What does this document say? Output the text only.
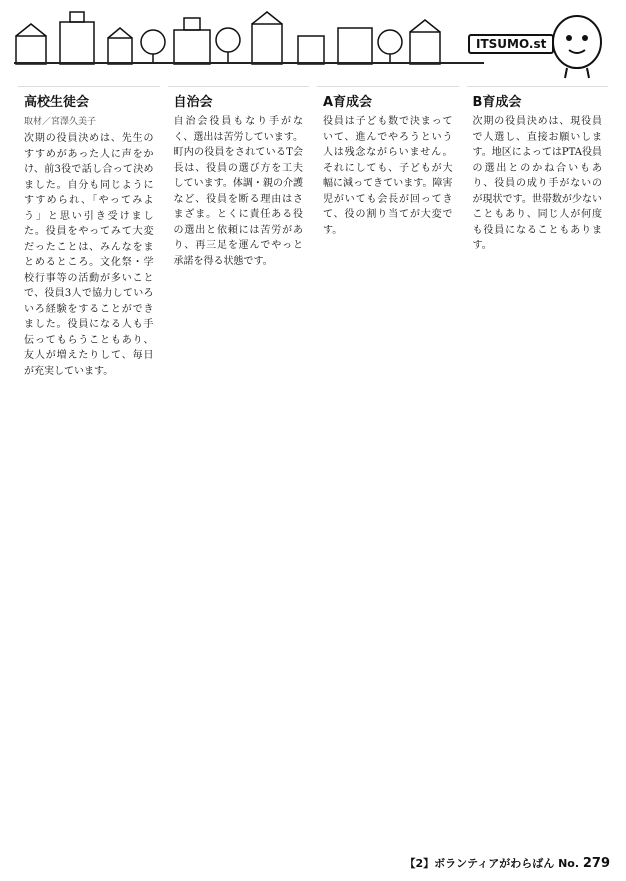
ITSUMO.st
高校生徒会
取材／宮澤久美子

次期の役員決めは、先生のすすめがあった人に声をかけ、前3役で話し合って決めました。自分も同じようにすすめられ、「やってみよう」と思い引き受けました。役員をやってみて大変だったことは、みんなをまとめるところ。文化祭・学校行事等の活動が多いことで、役員3人で協力していろいろ経験をすることができました。役員になる人も手伝ってもらうこともあり、友人が増えたりして、毎日が充実しています。

自治会

自治会役員もなり手がなく、選出は苦労しています。町内の役員をされているT会長は、役員の選び方を工夫しています。体調・親の介護など、役員を断る理由はさまざま。とくに責任ある役の選出と依頼には苦労があり、再三足を運んでやっと承諾を得る状態です。

A育成会

役員は子ども数で決まっていて、進んでやろうという人は残念ながらいません。それにしても、子どもが大幅に減ってきています。障害児がいても会長が回ってきて、役の割り当てが大変です。

B育成会

次期の役員決めは、現役員で人選し、直接お願いします。地区によってはPTA役員の選出とのかね合いもあり、役員の成り手がないのが現状です。世帯数が少ないこともあり、同じ人が何度も役員になることもあります。

【2】ボランティアがわらばん No. 279
